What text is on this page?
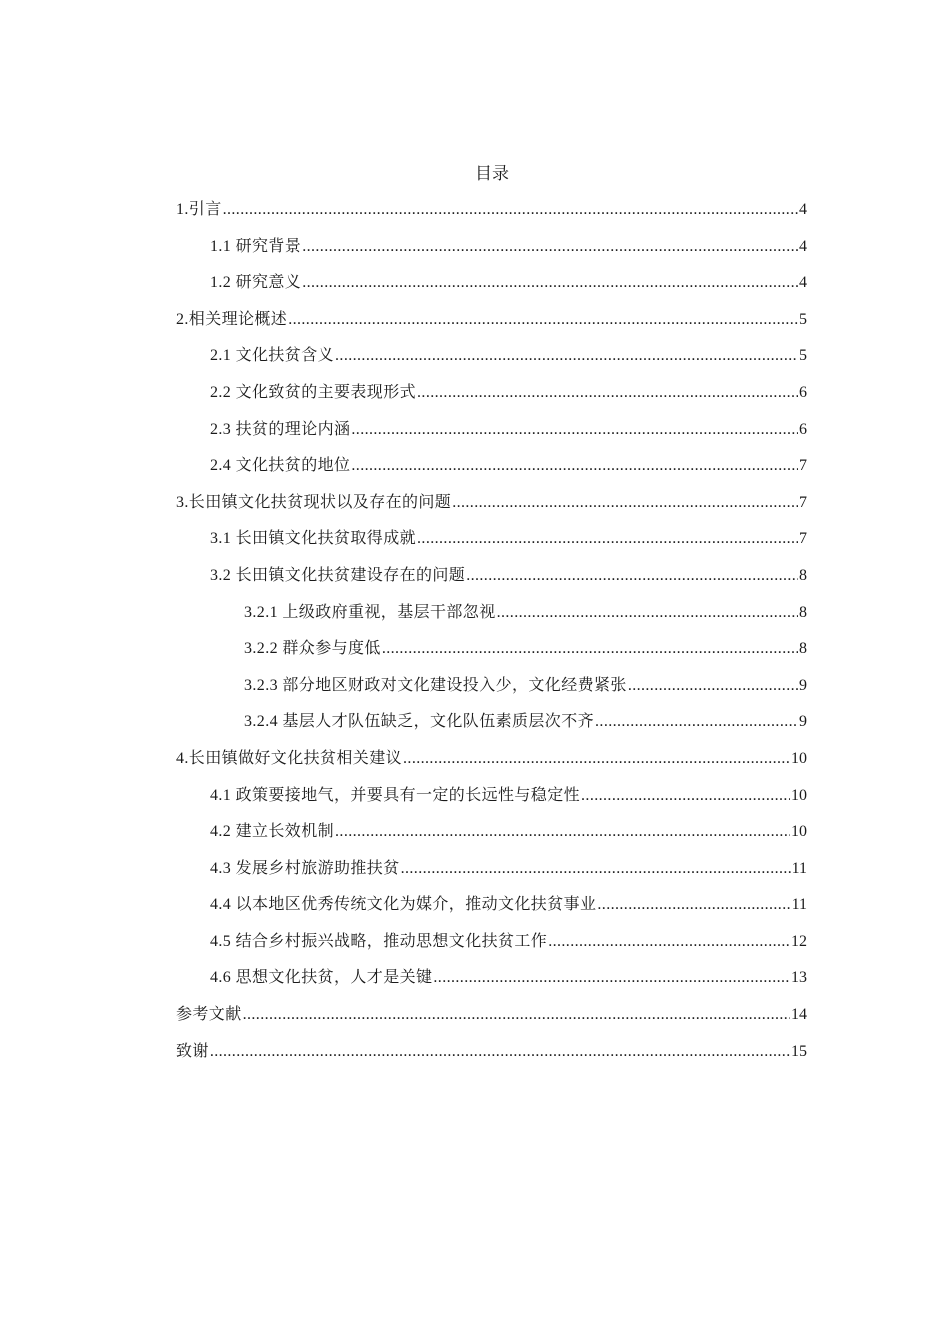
目录
1.引言 .....	4
1.1 研究背景 .....	4
1.2 研究意义 .....	4
2.相关理论概述 .....	5
2.1 文化扶贫含义 .....	5
2.2 文化致贫的主要表现形式 .....	6
2.3 扶贫的理论内涵 .....	6
2.4 文化扶贫的地位 .....	7
3.长田镇文化扶贫现状以及存在的问题 .....	7
3.1 长田镇文化扶贫取得成就 .....	7
3.2 长田镇文化扶贫建设存在的问题 .....	8
3.2.1 上级政府重视，基层干部忽视 .....	8
3.2.2 群众参与度低 .....	8
3.2.3 部分地区财政对文化建设投入少，文化经费紧张 .....	9
3.2.4 基层人才队伍缺乏，文化队伍素质层次不齐 .....	9
4.长田镇做好文化扶贫相关建议 .....	10
4.1 政策要接地气，并要具有一定的长远性与稳定性 .....	10
4.2 建立长效机制 .....	10
4.3 发展乡村旅游助推扶贫 .....	11
4.4 以本地区优秀传统文化为媒介，推动文化扶贫事业 .....	11
4.5 结合乡村振兴战略，推动思想文化扶贫工作 .....	12
4.6 思想文化扶贫，人才是关键 .....	13
参考文献 .....	14
致谢 .....	15
